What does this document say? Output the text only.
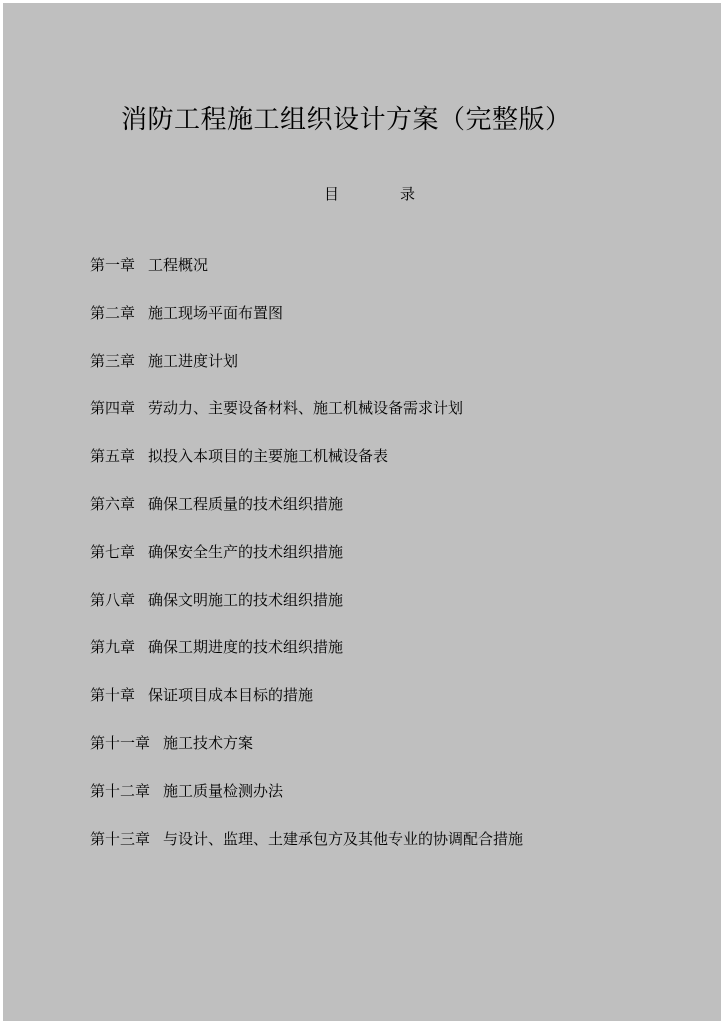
消防工程施工组织设计方案（完整版）
目	录
第一章 工程概况
第二章 施工现场平面布置图
第三章 施工进度计划
第四章 劳动力、主要设备材料、施工机械设备需求计划
第五章 拟投入本项目的主要施工机械设备表
第六章 确保工程质量的技术组织措施
第七章 确保安全生产的技术组织措施
第八章 确保文明施工的技术组织措施
第九章 确保工期进度的技术组织措施
第十章 保证项目成本目标的措施
第十一章 施工技术方案
第十二章 施工质量检测办法
第十三章 与设计、监理、土建承包方及其他专业的协调配合措施
